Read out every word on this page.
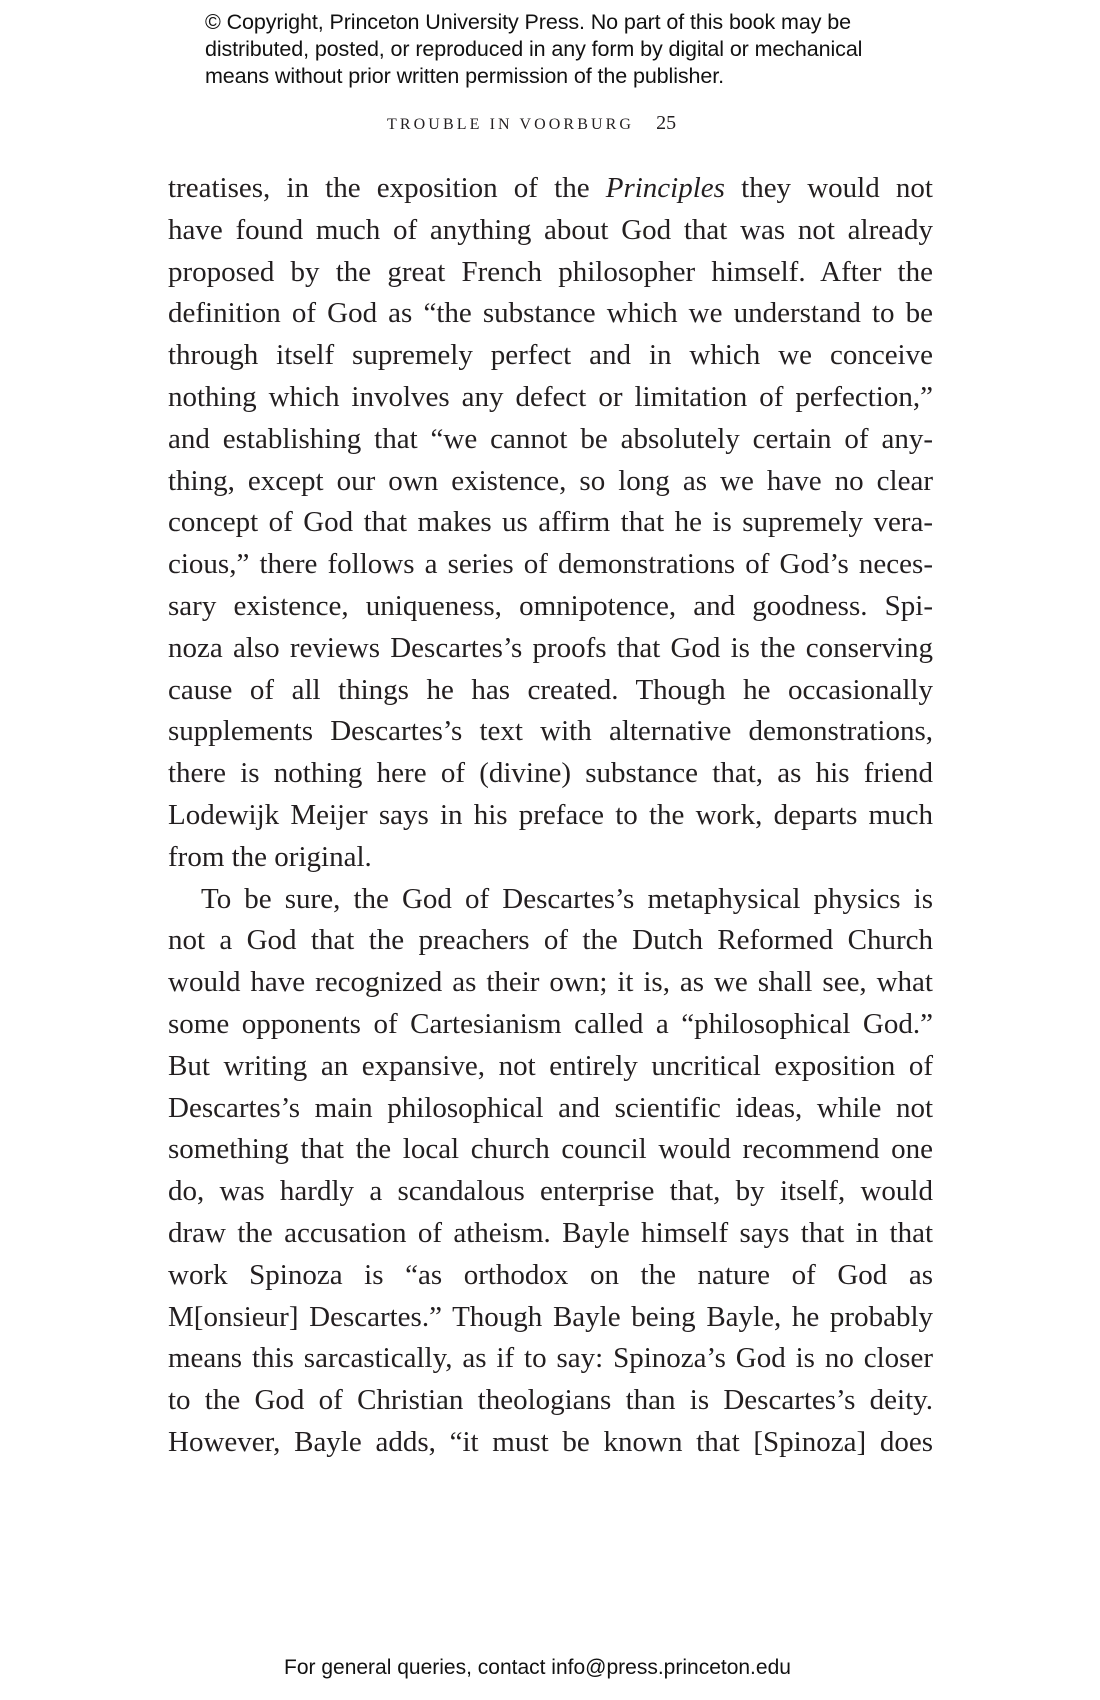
© Copyright, Princeton University Press. No part of this book may be
distributed, posted, or reproduced in any form by digital or mechanical
means without prior written permission of the publisher.
TROUBLE IN VOORBURG 25
treatises, in the exposition of the Principles they would not
have found much of anything about God that was not already
proposed by the great French philosopher himself. After the
definition of God as “the substance which we understand to be
through itself supremely perfect and in which we conceive
nothing which involves any defect or limitation of perfection,”
and establishing that “we cannot be absolutely certain of any-
thing, except our own existence, so long as we have no clear
concept of God that makes us affirm that he is supremely vera-
cious,” there follows a series of demonstrations of God’s neces-
sary existence, uniqueness, omnipotence, and goodness. Spi-
noza also reviews Descartes’s proofs that God is the conserving
cause of all things he has created. Though he occasionally
supplements Descartes’s text with alternative demonstrations,
there is nothing here of (divine) substance that, as his friend
Lodewijk Meijer says in his preface to the work, departs much
from the original.
To be sure, the God of Descartes’s metaphysical physics is
not a God that the preachers of the Dutch Reformed Church
would have recognized as their own; it is, as we shall see, what
some opponents of Cartesianism called a “philosophical God.”
But writing an expansive, not entirely uncritical exposition of
Descartes’s main philosophical and scientific ideas, while not
something that the local church council would recommend one
do, was hardly a scandalous enterprise that, by itself, would
draw the accusation of atheism. Bayle himself says that in that
work Spinoza is “as orthodox on the nature of God as
M[onsieur] Descartes.” Though Bayle being Bayle, he probably
means this sarcastically, as if to say: Spinoza’s God is no closer
to the God of Christian theologians than is Descartes’s deity.
However, Bayle adds, “it must be known that [Spinoza] does
For general queries, contact info@press.princeton.edu
